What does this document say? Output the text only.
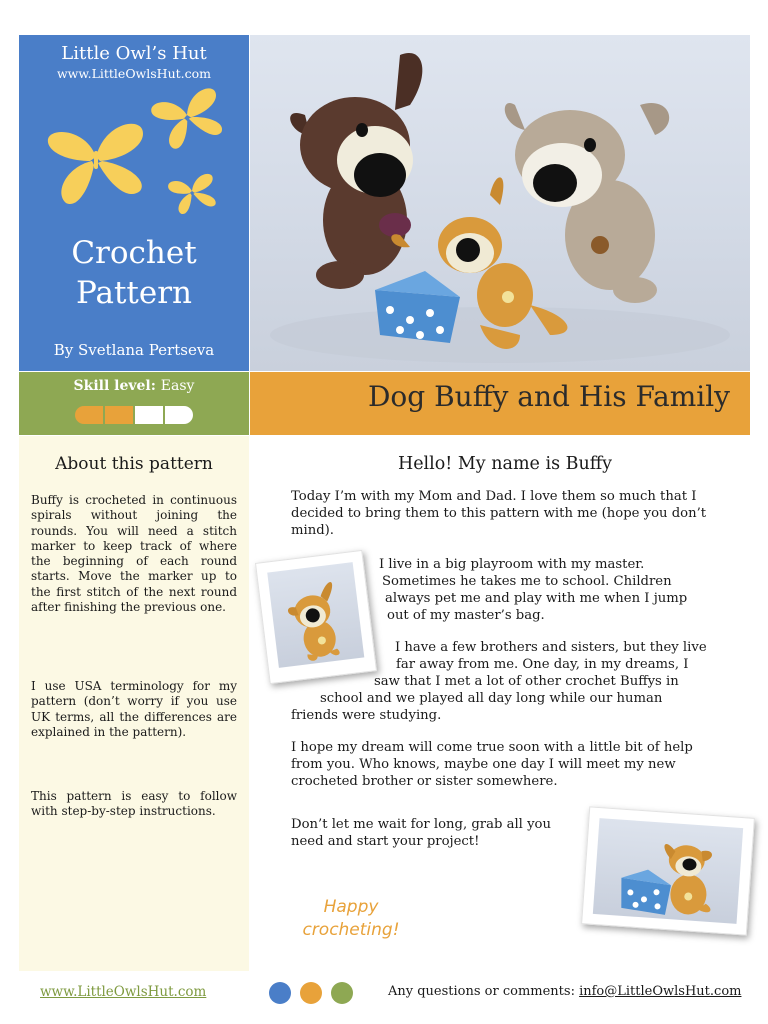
Little Owl’s Hut
www.LittleOwlsHut.com
Crochet
Pattern
By Svetlana Pertseva
Skill level: Easy	Dog Buffy and His Family
About this pattern
Buffy is crocheted in continuous spirals without joining the rounds. You will need a stitch marker to keep track of where the beginning of each round starts. Move the marker up to the first stitch of the next round after finishing the previous one.
I use USA terminology for my pattern (don’t worry if you use UK terms, all the differences are explained in the pattern).
This pattern is easy to follow with step-by-step instructions.
Hello! My name is Buffy
Today I’m with my Mom and Dad. I love them so much that I
decided to bring them to this pattern with me (hope you don’t
mind).
I live in a big playroom with my master.
Sometimes he takes me to school. Children
always pet me and play with me when I jump
out of my master’s bag.
I have a few brothers and sisters, but they live
far away from me. One day, in my dreams, I
saw that I met a lot of other crochet Buffys in
school and we played all day long while our human
friends were studying.
I hope my dream will come true soon with a little bit of help
from you. Who knows, maybe one day I will meet my new
crocheted brother or sister somewhere.
Don’t let me wait for long, grab all you
need and start your project!
Happy
crocheting!
www.LittleOwlsHut.com	Any questions or comments: info@LittleOwlsHut.com
